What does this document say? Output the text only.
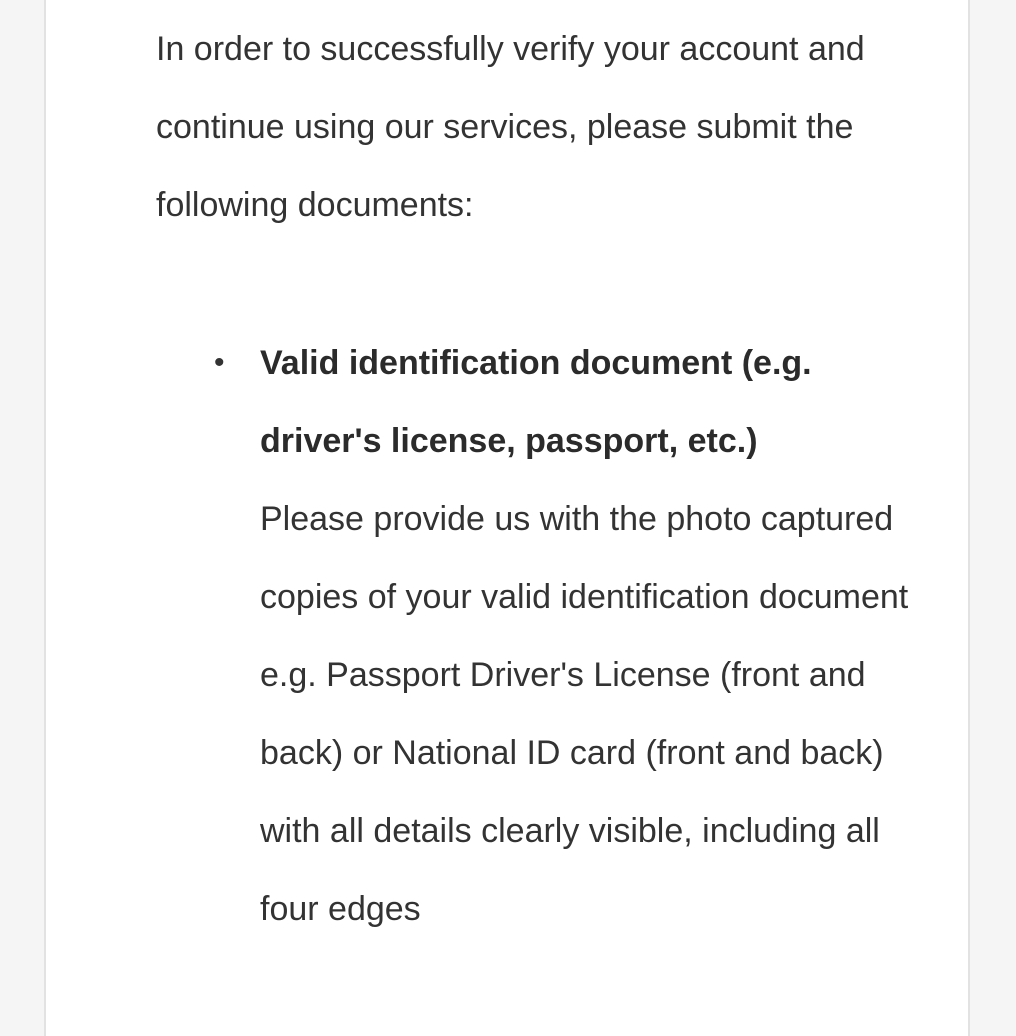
In order to successfully verify your account and continue using our services, please submit the following documents:

• Valid identification document (e.g. driver's license, passport, etc.)
Please provide us with the photo captured copies of your valid identification document e.g. Passport Driver's License (front and back) or National ID card (front and back) with all details clearly visible, including all four edges
